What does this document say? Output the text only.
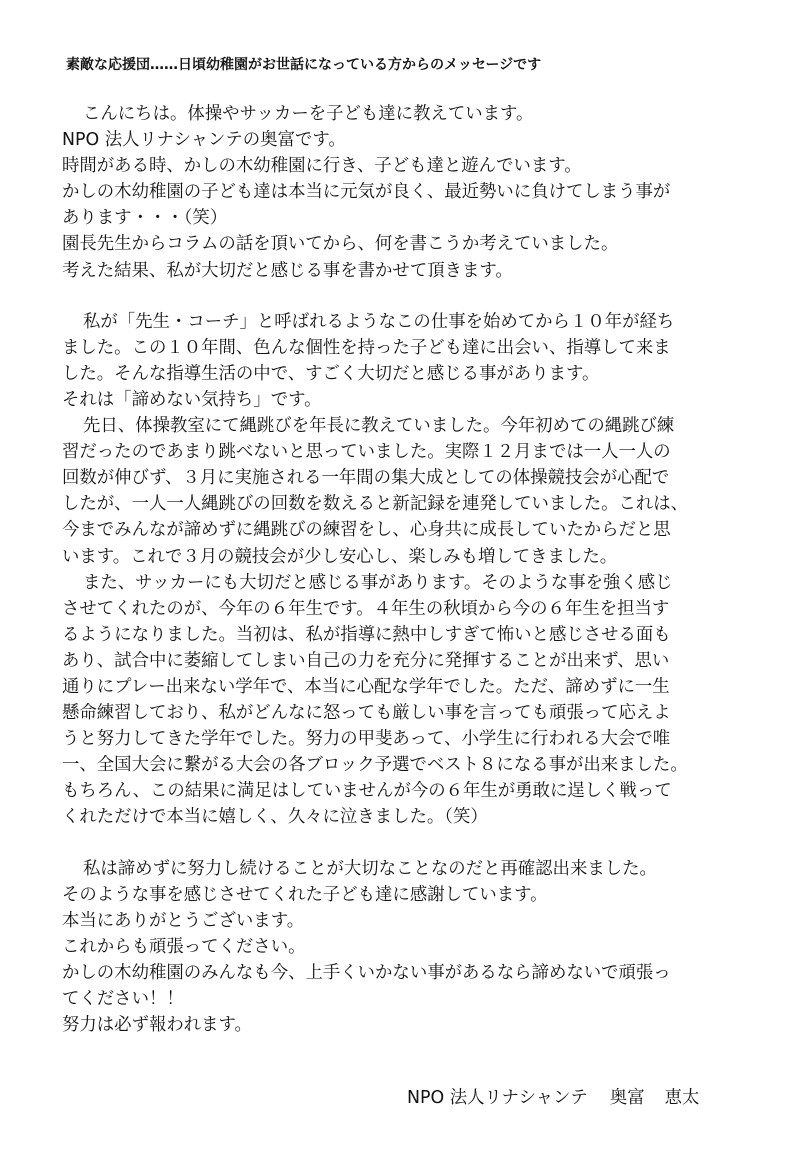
素敵な応援団……日頃幼稚園がお世話になっている方からのメッセージです
こんにちは。体操やサッカーを子ども達に教えています。
NPO 法人リナシャンテの奥富です。
時間がある時、かしの木幼稚園に行き、子ども達と遊んでいます。
かしの木幼稚園の子ども達は本当に元気が良く、最近勢いに負けてしまう事が
あります・・・（笑）
園長先生からコラムの話を頂いてから、何を書こうか考えていました。
考えた結果、私が大切だと感じる事を書かせて頂きます。
私が「先生・コーチ」と呼ばれるようなこの仕事を始めてから１０年が経ち
ました。この１０年間、色んな個性を持った子ども達に出会い、指導して来ま
した。そんな指導生活の中で、すごく大切だと感じる事があります。
それは「諦めない気持ち」です。
先日、体操教室にて縄跳びを年長に教えていました。今年初めての縄跳び練
習だったのであまり跳べないと思っていました。実際１２月までは一人一人の
回数が伸びず、３月に実施される一年間の集大成としての体操競技会が心配で
したが、一人一人縄跳びの回数を数えると新記録を連発していました。これは、
今までみんなが諦めずに縄跳びの練習をし、心身共に成長していたからだと思
います。これで３月の競技会が少し安心し、楽しみも増してきました。
また、サッカーにも大切だと感じる事があります。そのような事を強く感じ
させてくれたのが、今年の６年生です。４年生の秋頃から今の６年生を担当す
るようになりました。当初は、私が指導に熱中しすぎて怖いと感じさせる面も
あり、試合中に萎縮してしまい自己の力を充分に発揮することが出来ず、思い
通りにプレー出来ない学年で、本当に心配な学年でした。ただ、諦めずに一生
懸命練習しており、私がどんなに怒っても厳しい事を言っても頑張って応えよ
うと努力してきた学年でした。努力の甲斐あって、小学生に行われる大会で唯
一、全国大会に繋がる大会の各ブロック予選でベスト８になる事が出来ました。
もちろん、この結果に満足はしていませんが今の６年生が勇敢に逞しく戦って
くれただけで本当に嬉しく、久々に泣きました。（笑）
私は諦めずに努力し続けることが大切なことなのだと再確認出来ました。
そのような事を感じさせてくれた子ども達に感謝しています。
本当にありがとうございます。
これからも頑張ってください。
かしの木幼稚園のみんなも今、上手くいかない事があるなら諦めないで頑張っ
てください！！
努力は必ず報われます。
NPO 法人リナシャンテ 奥富 恵太
